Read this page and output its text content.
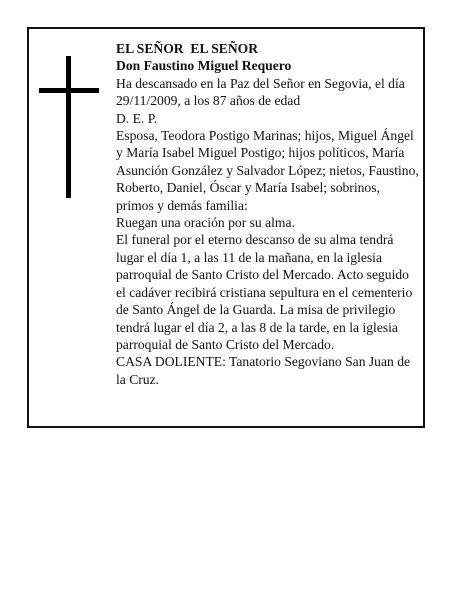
EL SEÑOR  EL SEÑOR

Don Faustino Miguel Requero

Ha descansado en la Paz del Señor en Segovia, el día 29/11/2009, a los 87 años de edad

D. E. P.

Esposa, Teodora Postigo Marinas; hijos, Miguel Ángel y María Isabel Miguel Postigo; hijos políticos, María Asunción González y Salvador López; nietos, Faustino, Roberto, Daniel, Óscar y María Isabel; sobrinos, primos y demás familia:

Ruegan una oración por su alma.

El funeral por el eterno descanso de su alma tendrá lugar el día 1, a las 11 de la mañana, en la iglesia parroquial de Santo Cristo del Mercado. Acto seguido el cadáver recibirá cristiana sepultura en el cementerio de Santo Ángel de la Guarda. La misa de privilegio tendrá lugar el día 2, a las 8 de la tarde, en la iglesia parroquial de Santo Cristo del Mercado.

CASA DOLIENTE: Tanatorio Segoviano San Juan de la Cruz.
